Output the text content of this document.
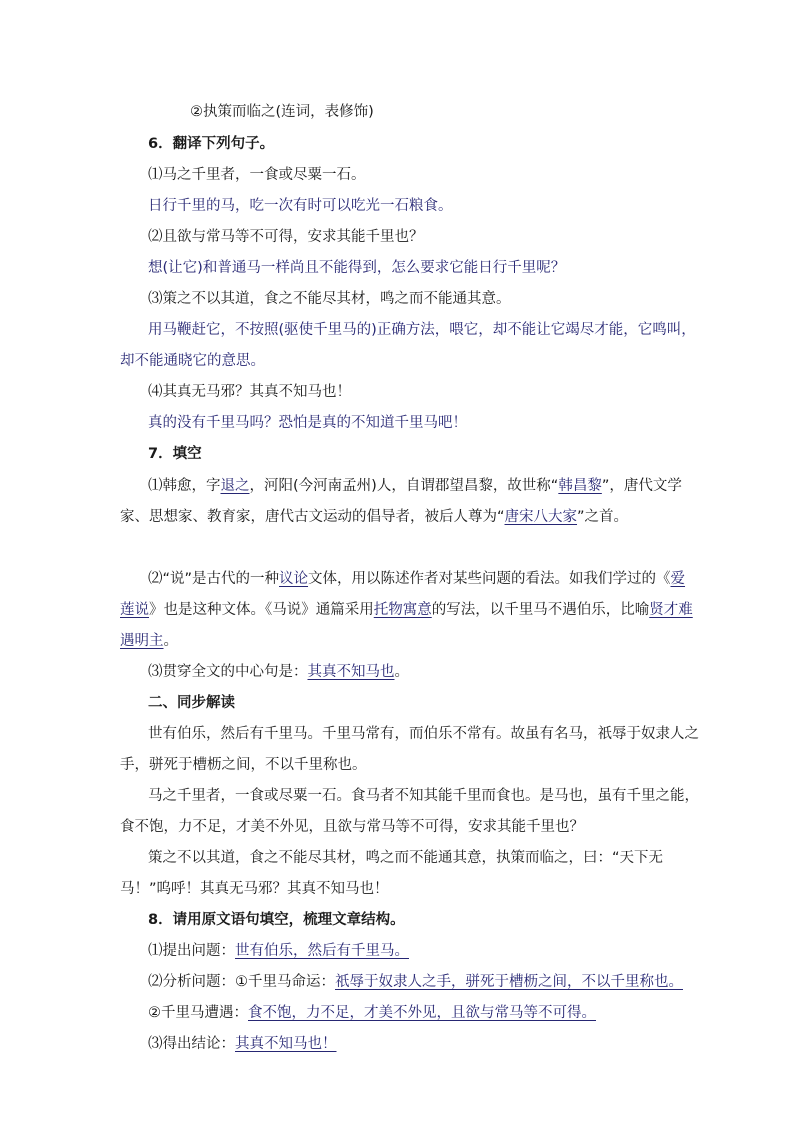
②执策而临之(连词，表修饰)
6．翻译下列句子。
⑴马之千里者，一食或尽粟一石。
日行千里的马，吃一次有时可以吃光一石粮食。
⑵且欲与常马等不可得，安求其能千里也？
想(让它)和普通马一样尚且不能得到，怎么要求它能日行千里呢？
⑶策之不以其道，食之不能尽其材，鸣之而不能通其意。
用马鞭赶它，不按照(驱使千里马的)正确方法，喂它，却不能让它竭尽才能，它鸣叫，
却不能通晓它的意思。
⑷其真无马邪？其真不知马也！
真的没有千里马吗？恐怕是真的不知道千里马吧！
7．填空
⑴韩愈，字退之，河阳(今河南孟州)人，自谓郡望昌黎，故世称“韩昌黎”，唐代文学
家、思想家、教育家，唐代古文运动的倡导者，被后人尊为“唐宋八大家”之首。
⑵“说”是古代的一种议论文体，用以陈述作者对某些问题的看法。如我们学过的《爱
莲说》也是这种文体。《马说》通篇采用托物寓意的写法，以千里马不遇伯乐，比喻贤才难
遇明主。
⑶贯穿全文的中心句是：其真不知马也。
二、同步解读
世有伯乐，然后有千里马。千里马常有，而伯乐不常有。故虽有名马，祇辱于奴隶人之
手，骈死于槽枥之间，不以千里称也。
马之千里者，一食或尽粟一石。食马者不知其能千里而食也。是马也，虽有千里之能，
食不饱，力不足，才美不外见，且欲与常马等不可得，安求其能千里也？
策之不以其道，食之不能尽其材，鸣之而不能通其意，执策而临之，曰：“天下无
马！”呜呼！其真无马邪？其真不知马也！
8．请用原文语句填空，梳理文章结构。
⑴提出问题：世有伯乐，然后有千里马。
⑵分析问题：①千里马命运：祇辱于奴隶人之手，骈死于槽枥之间，不以千里称也。
②千里马遭遇：食不饱，力不足，才美不外见，且欲与常马等不可得。
⑶得出结论：其真不知马也！
